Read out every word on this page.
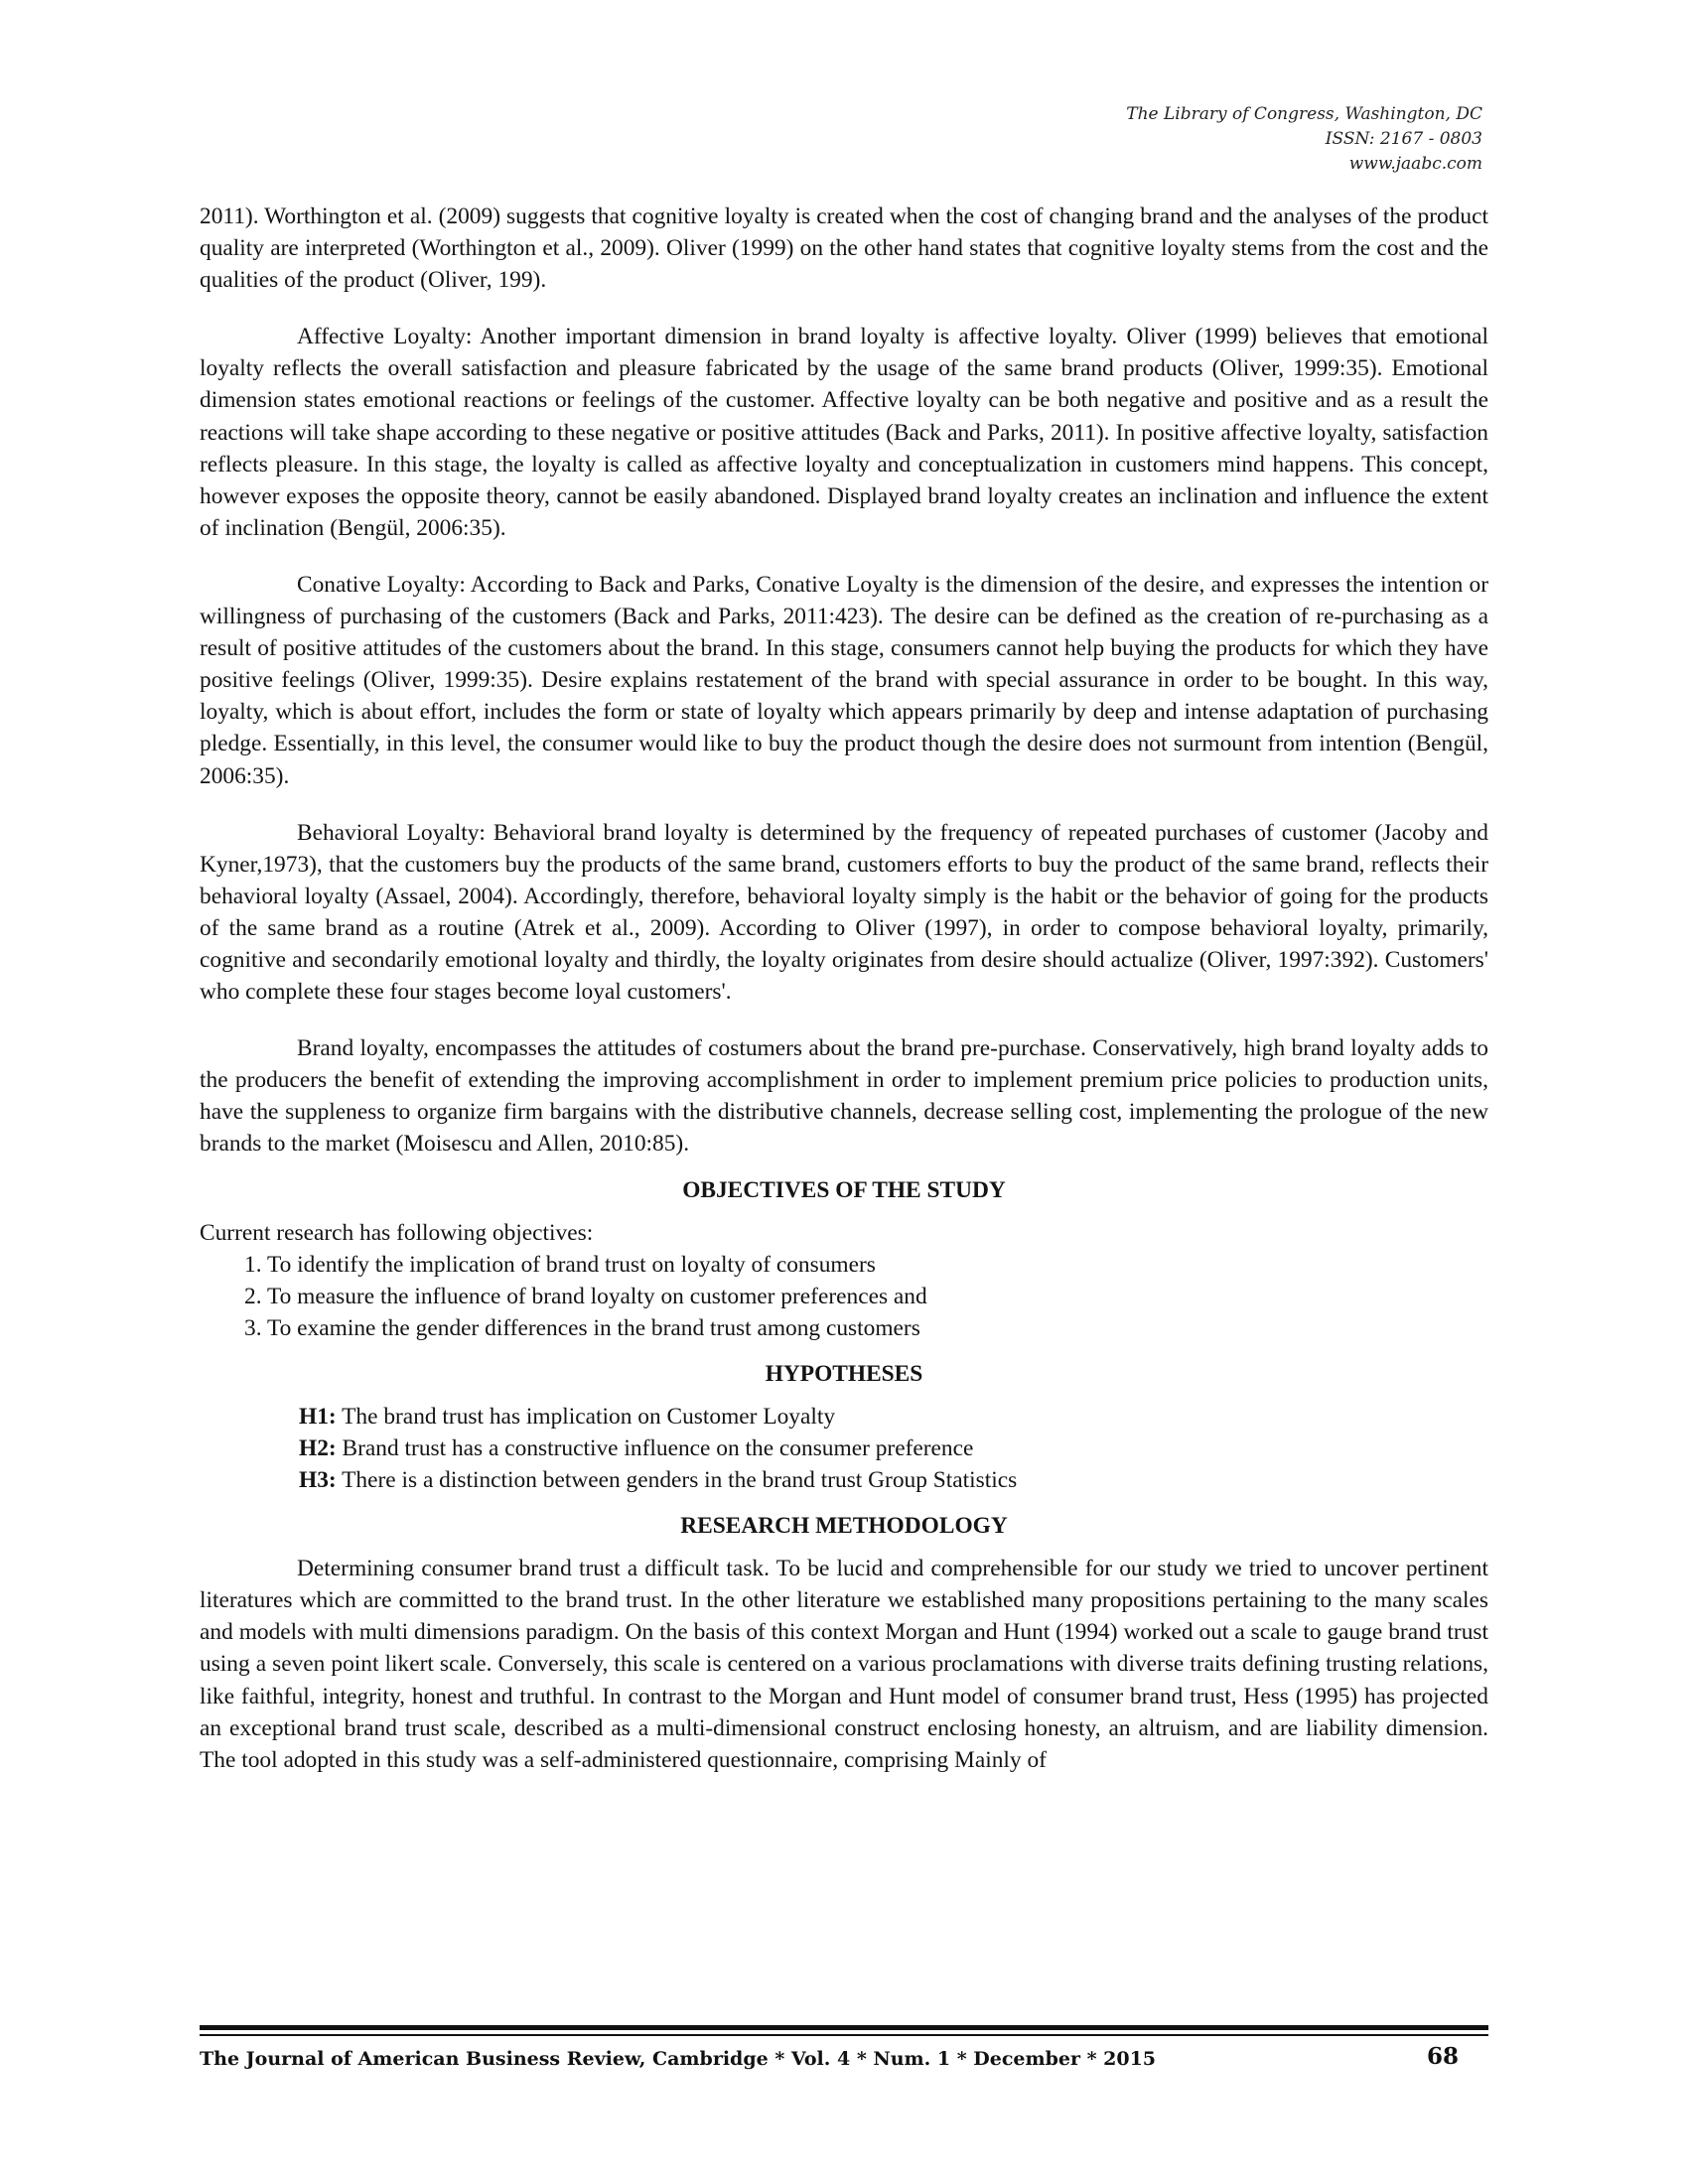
The Library of Congress, Washington, DC
ISSN: 2167 - 0803
www.jaabc.com

2011). Worthington et al. (2009) suggests that cognitive loyalty is created when the cost of changing brand and the analyses of the product quality are interpreted (Worthington et al., 2009). Oliver (1999) on the other hand states that cognitive loyalty stems from the cost and the qualities of the product (Oliver, 199).

Affective Loyalty: Another important dimension in brand loyalty is affective loyalty. Oliver (1999) believes that emotional loyalty reflects the overall satisfaction and pleasure fabricated by the usage of the same brand products (Oliver, 1999:35). Emotional dimension states emotional reactions or feelings of the customer. Affective loyalty can be both negative and positive and as a result the reactions will take shape according to these negative or positive attitudes (Back and Parks, 2011). In positive affective loyalty, satisfaction reflects pleasure. In this stage, the loyalty is called as affective loyalty and conceptualization in customers mind happens. This concept, however exposes the opposite theory, cannot be easily abandoned. Displayed brand loyalty creates an inclination and influence the extent of inclination (Bengül, 2006:35).

Conative Loyalty: According to Back and Parks, Conative Loyalty is the dimension of the desire, and expresses the intention or willingness of purchasing of the customers (Back and Parks, 2011:423). The desire can be defined as the creation of re-purchasing as a result of positive attitudes of the customers about the brand. In this stage, consumers cannot help buying the products for which they have positive feelings (Oliver, 1999:35). Desire explains restatement of the brand with special assurance in order to be bought. In this way, loyalty, which is about effort, includes the form or state of loyalty which appears primarily by deep and intense adaptation of purchasing pledge. Essentially, in this level, the consumer would like to buy the product though the desire does not surmount from intention (Bengül, 2006:35).

Behavioral Loyalty: Behavioral brand loyalty is determined by the frequency of repeated purchases of customer (Jacoby and Kyner,1973), that the customers buy the products of the same brand, customers efforts to buy the product of the same brand, reflects their behavioral loyalty (Assael, 2004). Accordingly, therefore, behavioral loyalty simply is the habit or the behavior of going for the products of the same brand as a routine (Atrek et al., 2009). According to Oliver (1997), in order to compose behavioral loyalty, primarily, cognitive and secondarily emotional loyalty and thirdly, the loyalty originates from desire should actualize (Oliver, 1997:392). Customers' who complete these four stages become loyal customers'.

Brand loyalty, encompasses the attitudes of costumers about the brand pre-purchase. Conservatively, high brand loyalty adds to the producers the benefit of extending the improving accomplishment in order to implement premium price policies to production units, have the suppleness to organize firm bargains with the distributive channels, decrease selling cost, implementing the prologue of the new brands to the market (Moisescu and Allen, 2010:85).

OBJECTIVES OF THE STUDY
Current research has following objectives:
1. To identify the implication of brand trust on loyalty of consumers
2. To measure the influence of brand loyalty on customer preferences and
3. To examine the gender differences in the brand trust among customers
HYPOTHESES
H1: The brand trust has implication on Customer Loyalty
H2: Brand trust has a constructive influence on the consumer preference
H3: There is a distinction between genders in the brand trust Group Statistics
RESEARCH METHODOLOGY

Determining consumer brand trust a difficult task. To be lucid and comprehensible for our study we tried to uncover pertinent literatures which are committed to the brand trust. In the other literature we established many propositions pertaining to the many scales and models with multi dimensions paradigm. On the basis of this context Morgan and Hunt (1994) worked out a scale to gauge brand trust using a seven point likert scale. Conversely, this scale is centered on a various proclamations with diverse traits defining trusting relations, like faithful, integrity, honest and truthful. In contrast to the Morgan and Hunt model of consumer brand trust, Hess (1995) has projected an exceptional brand trust scale, described as a multi-dimensional construct enclosing honesty, an altruism, and are liability dimension. The tool adopted in this study was a self-administered questionnaire, comprising Mainly of

The Journal of American Business Review, Cambridge * Vol. 4 * Num. 1 * December * 2015	68
